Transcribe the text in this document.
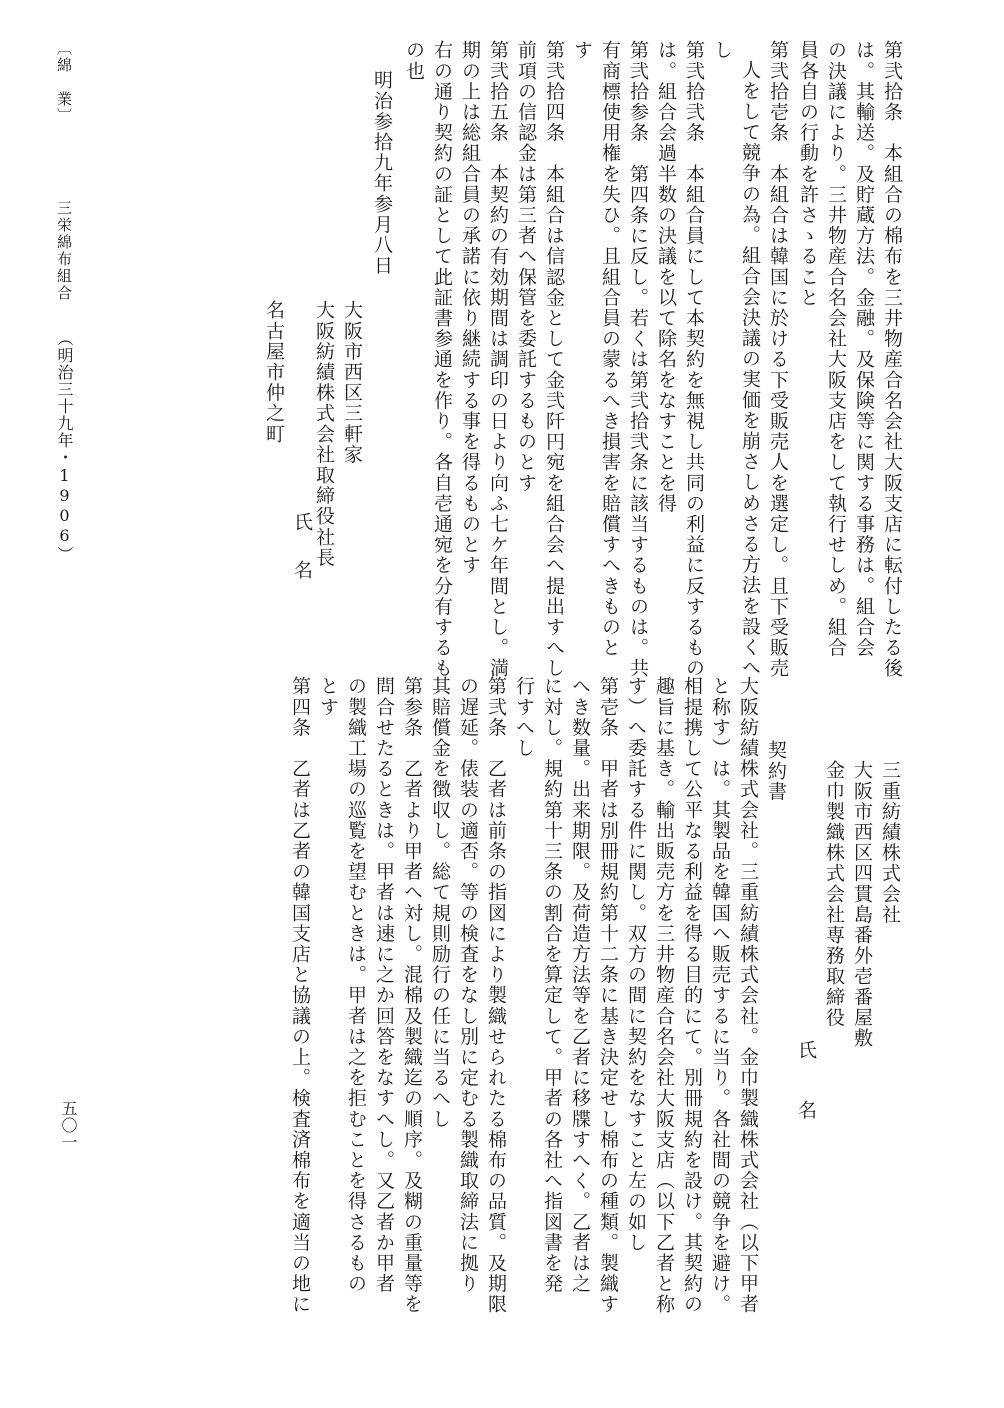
第弐拾条　本組合の棉布を三井物産合名会社大阪支店に転付したる後
は。其輸送。及貯蔵方法。金融。及保険等に関する事務は。組合会
の決議により。三井物産合名会社大阪支店をして執行せしめ。組合
員各自の行動を許さゝること
第弐拾壱条　本組合は韓国に於ける下受販売人を選定し。且下受販売
人をして競争の為。組合会決議の実価を崩さしめさる方法を設くへ
し
第弐拾弐条　本組合員にして本契約を無視し共同の利益に反するもの
は。組合会過半数の決議を以て除名をなすことを得
第弐拾参条　第四条に反し。若くは第弐拾弐条に該当するものは。共
有商標使用権を失ひ。且組合員の蒙るへき損害を賠償すへきものと
す
第弐拾四条　本組合は信認金として金弐阡円宛を組合会へ提出すへし
前項の信認金は第三者へ保管を委託するものとす
第弐拾五条　本契約の有効期間は調印の日より向ふ七ケ年間とし。満
期の上は総組合員の承諾に依り継続する事を得るものとす
右の通り契約の証として此証書参通を作り。各自壱通宛を分有するも
の也
明治参拾九年参月八日
大阪市西区三軒家
大阪紡績株式会社取締役社長
氏
名
名古屋市仲之町
三重紡績株式会社
大阪市西区四貫島番外壱番屋敷
金巾製織株式会社専務取締役
氏
名
契約書
大阪紡績株式会社。三重紡績株式会社。金巾製織株式会社（以下甲者
と称す）は。其製品を韓国へ販売するに当り。各社間の競争を避け。
相提携して公平なる利益を得る目的にて。別冊規約を設け。其契約の
趣旨に基き。輸出販売方を三井物産合名会社大阪支店（以下乙者と称
す）へ委託する件に関し。双方の間に契約をなすこと左の如し
第壱条　甲者は別冊規約第十二条に基き決定せし棉布の種類。製織す
へき数量。出来期限。及荷造方法等を乙者に移牒すへく。乙者は之
に対し。規約第十三条の割合を算定して。甲者の各社へ指図書を発
行すへし
第弐条　乙者は前条の指図により製織せられたる棉布の品質。及期限
の遅延。俵装の適否。等の検査をなし別に定むる製織取締法に拠り
其賠償金を徴収し。総て規則励行の任に当るへし
第参条　乙者より甲者へ対し。混棉及製織迄の順序。及糊の重量等を
問合せたるときは。甲者は速に之か回答をなすへし。又乙者か甲者
の製織工場の巡覧を望むときは。甲者は之を拒むことを得さるもの
とす
第四条　乙者は乙者の韓国支店と協議の上。検査済棉布を適当の地に
〔綿　業〕
三栄綿布組合
（明治三十九年・1906）
五〇一
